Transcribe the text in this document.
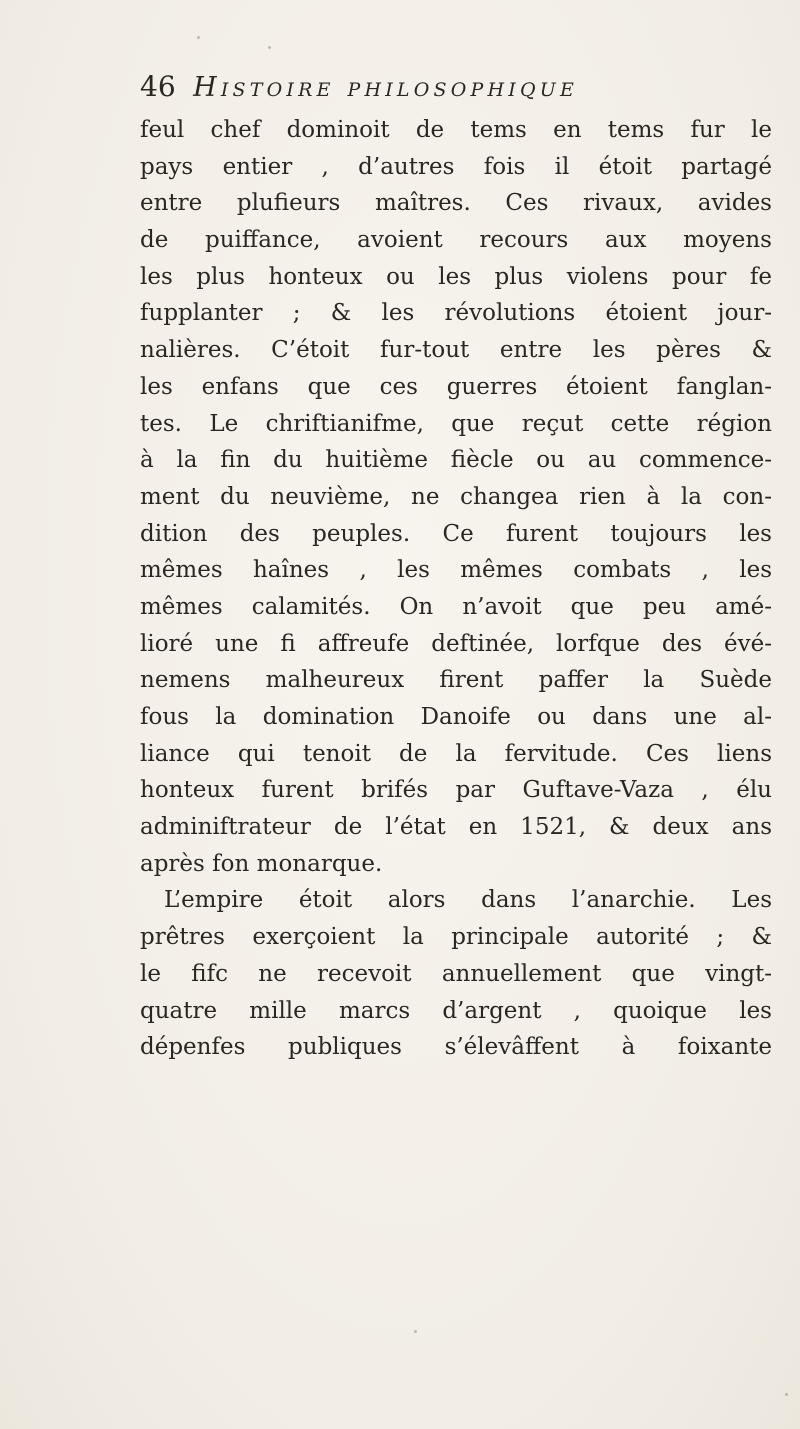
46 Histoire philosophique
feul chef dominoit de tems en tems fur le
pays entier , d’autres fois il étoit partagé
entre plufieurs maîtres. Ces rivaux, avides
de puiffance, avoient recours aux moyens
les plus honteux ou les plus violens pour fe
fupplanter ; & les révolutions étoient jour-
nalières. C’étoit fur-tout entre les pères &
les enfans que ces guerres étoient fanglan-
tes. Le chriftianifme, que reçut cette région
à la fin du huitième fiècle ou au commence-
ment du neuvième, ne changea rien à la con-
dition des peuples. Ce furent toujours les
mêmes haînes , les mêmes combats , les
mêmes calamités. On n’avoit que peu amé-
lioré une fi affreufe deftinée, lorfque des évé-
nemens malheureux firent paffer la Suède
fous la domination Danoife ou dans une al-
liance qui tenoit de la fervitude. Ces liens
honteux furent brifés par Guftave-Vaza , élu
adminiftrateur de l’état en 1521, & deux ans
après fon monarque.
L’empire étoit alors dans l’anarchie. Les
prêtres exerçoient la principale autorité ; &
le fifc ne recevoit annuellement que vingt-
quatre mille marcs d’argent , quoique les
dépenfes publiques s’élevâffent à foixante
